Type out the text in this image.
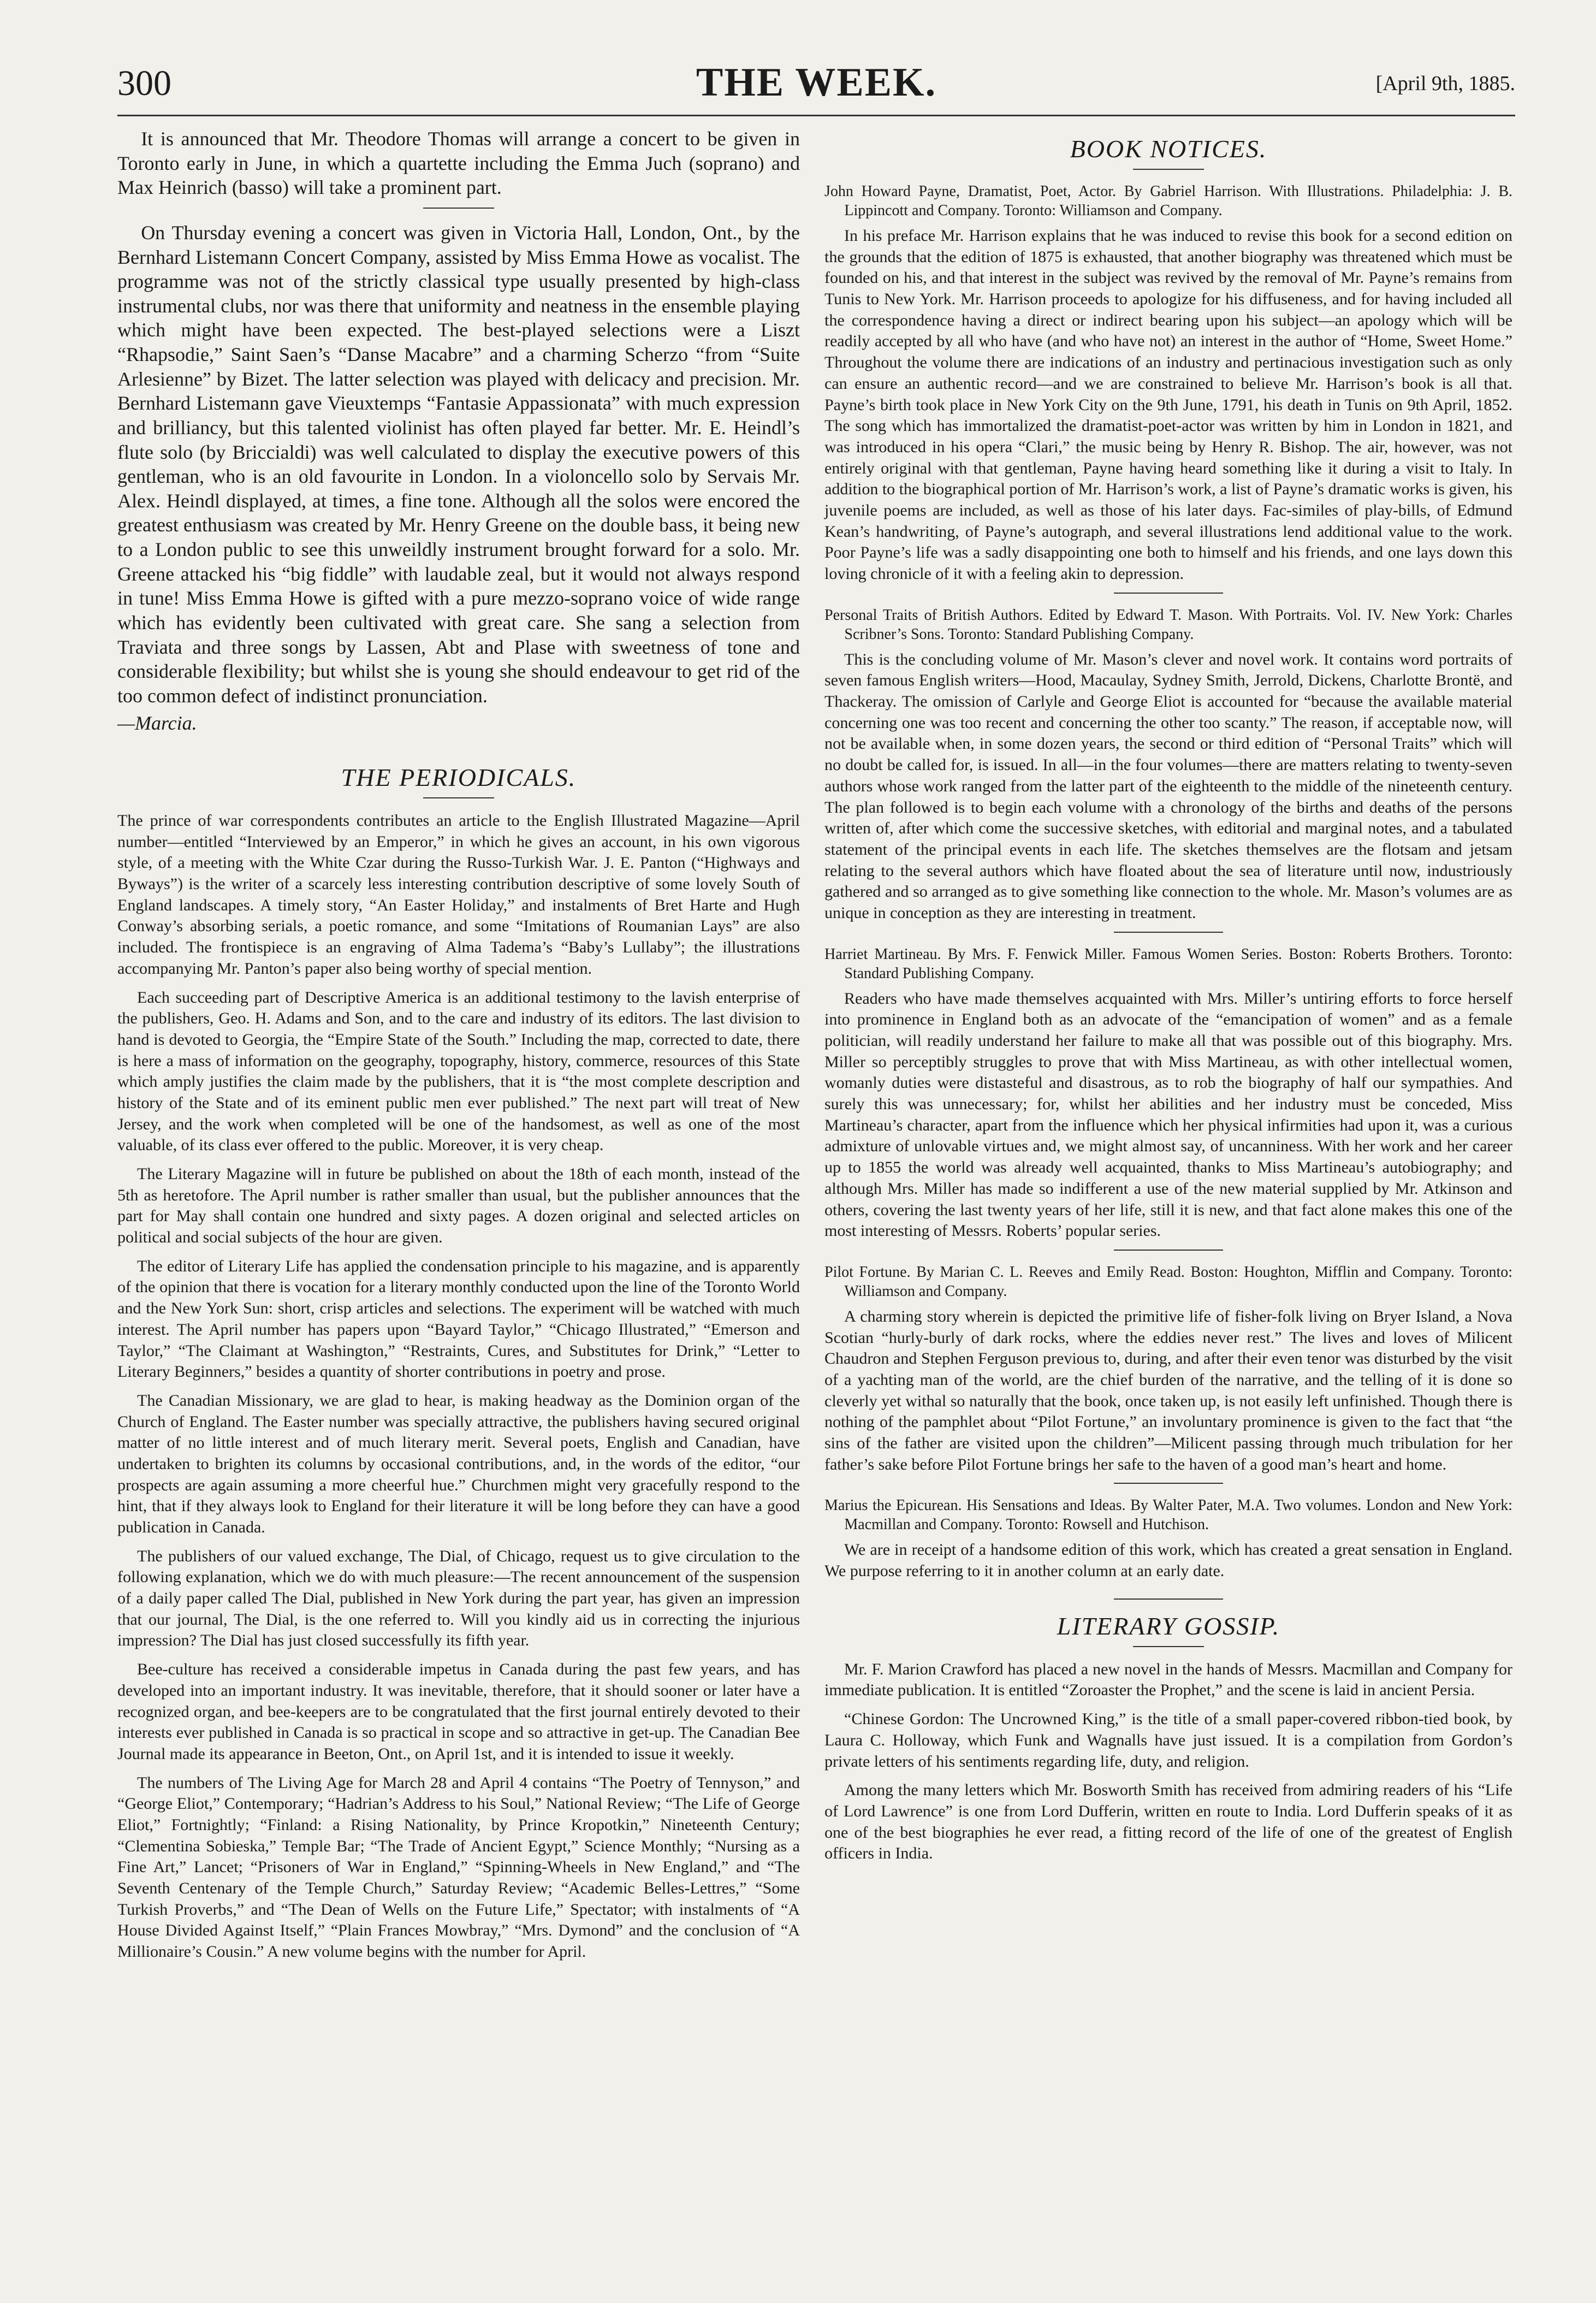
300	THE WEEK.	[April 9th, 1885.

It is announced that Mr. Theodore Thomas will arrange a concert to be given in Toronto early in June, in which a quartette including the Emma Juch (soprano) and Max Heinrich (basso) will take a prominent part.

On Thursday evening a concert was given in Victoria Hall, London, Ont., by the Bernhard Listemann Concert Company, assisted by Miss Emma Howe as vocalist. The programme was not of the strictly classical type usually presented by high-class instrumental clubs, nor was there that uniformity and neatness in the ensemble playing which might have been expected. The best-played selections were a Liszt “Rhapsodie,” Saint Saen’s “Danse Macabre” and a charming Scherzo “from “Suite Arlesienne” by Bizet. The latter selection was played with delicacy and precision. Mr. Bernhard Listemann gave Vieuxtemps “Fantasie Appassionata” with much expression and brilliancy, but this talented violinist has often played far better. Mr. E. Heindl’s flute solo (by Briccialdi) was well calculated to display the executive powers of this gentleman, who is an old favourite in London. In a violoncello solo by Servais Mr. Alex. Heindl displayed, at times, a fine tone. Although all the solos were encored the greatest enthusiasm was created by Mr. Henry Greene on the double bass, it being new to a London public to see this unweildly instrument brought forward for a solo. Mr. Greene attacked his “big fiddle” with laudable zeal, but it would not always respond in tune! Miss Emma Howe is gifted with a pure mezzo-soprano voice of wide range which has evidently been cultivated with great care. She sang a selection from Traviata and three songs by Lassen, Abt and Plase with sweetness of tone and considerable flexibility; but whilst she is young she should endeavour to get rid of the too common defect of indistinct pronunciation.

—Marcia.

THE PERIODICALS.

The prince of war correspondents contributes an article to the English Illustrated Magazine—April number—entitled “Interviewed by an Emperor,” in which he gives an account, in his own vigorous style, of a meeting with the White Czar during the Russo-Turkish War. J. E. Panton (“Highways and Byways”) is the writer of a scarcely less interesting contribution descriptive of some lovely South of England landscapes. A timely story, “An Easter Holiday,” and instalments of Bret Harte and Hugh Conway’s absorbing serials, a poetic romance, and some “Imitations of Roumanian Lays” are also included. The frontispiece is an engraving of Alma Tadema’s “Baby’s Lullaby”; the illustrations accompanying Mr. Panton’s paper also being worthy of special mention.

Each succeeding part of Descriptive America is an additional testimony to the lavish enterprise of the publishers, Geo. H. Adams and Son, and to the care and industry of its editors. The last division to hand is devoted to Georgia, the “Empire State of the South.” Including the map, corrected to date, there is here a mass of information on the geography, topography, history, commerce, resources of this State which amply justifies the claim made by the publishers, that it is “the most complete description and history of the State and of its eminent public men ever published.” The next part will treat of New Jersey, and the work when completed will be one of the handsomest, as well as one of the most valuable, of its class ever offered to the public. Moreover, it is very cheap.

The Literary Magazine will in future be published on about the 18th of each month, instead of the 5th as heretofore. The April number is rather smaller than usual, but the publisher announces that the part for May shall contain one hundred and sixty pages. A dozen original and selected articles on political and social subjects of the hour are given.

The editor of Literary Life has applied the condensation principle to his magazine, and is apparently of the opinion that there is vocation for a literary monthly conducted upon the line of the Toronto World and the New York Sun: short, crisp articles and selections. The experiment will be watched with much interest. The April number has papers upon “Bayard Taylor,” “Chicago Illustrated,” “Emerson and Taylor,” “The Claimant at Washington,” “Restraints, Cures, and Substitutes for Drink,” “Letter to Literary Beginners,” besides a quantity of shorter contributions in poetry and prose.

The Canadian Missionary, we are glad to hear, is making headway as the Dominion organ of the Church of England. The Easter number was specially attractive, the publishers having secured original matter of no little interest and of much literary merit. Several poets, English and Canadian, have undertaken to brighten its columns by occasional contributions, and, in the words of the editor, “our prospects are again assuming a more cheerful hue.” Churchmen might very gracefully respond to the hint, that if they always look to England for their literature it will be long before they can have a good publication in Canada.

The publishers of our valued exchange, The Dial, of Chicago, request us to give circulation to the following explanation, which we do with much pleasure:—The recent announcement of the suspension of a daily paper called The Dial, published in New York during the part year, has given an impression that our journal, The Dial, is the one referred to. Will you kindly aid us in correcting the injurious impression? The Dial has just closed successfully its fifth year.

Bee-culture has received a considerable impetus in Canada during the past few years, and has developed into an important industry. It was inevitable, therefore, that it should sooner or later have a recognized organ, and bee-keepers are to be congratulated that the first journal entirely devoted to their interests ever published in Canada is so practical in scope and so attractive in get-up. The Canadian Bee Journal made its appearance in Beeton, Ont., on April 1st, and it is intended to issue it weekly.

The numbers of The Living Age for March 28 and April 4 contains “The Poetry of Tennyson,” and “George Eliot,” Contemporary; “Hadrian’s Address to his Soul,” National Review; “The Life of George Eliot,” Fortnightly; “Finland: a Rising Nationality, by Prince Kropotkin,” Nineteenth Century; “Clementina Sobieska,” Temple Bar; “The Trade of Ancient Egypt,” Science Monthly; “Nursing as a Fine Art,” Lancet; “Prisoners of War in England,” “Spinning-Wheels in New England,” and “The Seventh Centenary of the Temple Church,” Saturday Review; “Academic Belles-Lettres,” “Some Turkish Proverbs,” and “The Dean of Wells on the Future Life,” Spectator; with instalments of “A House Divided Against Itself,” “Plain Frances Mowbray,” “Mrs. Dymond” and the conclusion of “A Millionaire’s Cousin.” A new volume begins with the number for April.

BOOK NOTICES.
John Howard Payne, Dramatist, Poet, Actor. By Gabriel Harrison. With Illustrations. Philadelphia: J. B. Lippincott and Company. Toronto: Williamson and Company.

In his preface Mr. Harrison explains that he was induced to revise this book for a second edition on the grounds that the edition of 1875 is exhausted, that another biography was threatened which must be founded on his, and that interest in the subject was revived by the removal of Mr. Payne’s remains from Tunis to New York. Mr. Harrison proceeds to apologize for his diffuseness, and for having included all the correspondence having a direct or indirect bearing upon his subject—an apology which will be readily accepted by all who have (and who have not) an interest in the author of “Home, Sweet Home.” Throughout the volume there are indications of an industry and pertinacious investigation such as only can ensure an authentic record—and we are constrained to believe Mr. Harrison’s book is all that. Payne’s birth took place in New York City on the 9th June, 1791, his death in Tunis on 9th April, 1852. The song which has immortalized the dramatist-poet-actor was written by him in London in 1821, and was introduced in his opera “Clari,” the music being by Henry R. Bishop. The air, however, was not entirely original with that gentleman, Payne having heard something like it during a visit to Italy. In addition to the biographical portion of Mr. Harrison’s work, a list of Payne’s dramatic works is given, his juvenile poems are included, as well as those of his later days. Fac-similes of play-bills, of Edmund Kean’s handwriting, of Payne’s autograph, and several illustrations lend additional value to the work. Poor Payne’s life was a sadly disappointing one both to himself and his friends, and one lays down this loving chronicle of it with a feeling akin to depression.

Personal Traits of British Authors. Edited by Edward T. Mason. With Portraits. Vol. IV. New York: Charles Scribner’s Sons. Toronto: Standard Publishing Company.

This is the concluding volume of Mr. Mason’s clever and novel work. It contains word portraits of seven famous English writers—Hood, Macaulay, Sydney Smith, Jerrold, Dickens, Charlotte Brontë, and Thackeray. The omission of Carlyle and George Eliot is accounted for “because the available material concerning one was too recent and concerning the other too scanty.” The reason, if acceptable now, will not be available when, in some dozen years, the second or third edition of “Personal Traits” which will no doubt be called for, is issued. In all—in the four volumes—there are matters relating to twenty-seven authors whose work ranged from the latter part of the eighteenth to the middle of the nineteenth century. The plan followed is to begin each volume with a chronology of the births and deaths of the persons written of, after which come the successive sketches, with editorial and marginal notes, and a tabulated statement of the principal events in each life. The sketches themselves are the flotsam and jetsam relating to the several authors which have floated about the sea of literature until now, industriously gathered and so arranged as to give something like connection to the whole. Mr. Mason’s volumes are as unique in conception as they are interesting in treatment.

Harriet Martineau. By Mrs. F. Fenwick Miller. Famous Women Series. Boston: Roberts Brothers. Toronto: Standard Publishing Company.

Readers who have made themselves acquainted with Mrs. Miller’s untiring efforts to force herself into prominence in England both as an advocate of the “emancipation of women” and as a female politician, will readily understand her failure to make all that was possible out of this biography. Mrs. Miller so perceptibly struggles to prove that with Miss Martineau, as with other intellectual women, womanly duties were distasteful and disastrous, as to rob the biography of half our sympathies. And surely this was unnecessary; for, whilst her abilities and her industry must be conceded, Miss Martineau’s character, apart from the influence which her physical infirmities had upon it, was a curious admixture of unlovable virtues and, we might almost say, of uncanniness. With her work and her career up to 1855 the world was already well acquainted, thanks to Miss Martineau’s autobiography; and although Mrs. Miller has made so indifferent a use of the new material supplied by Mr. Atkinson and others, covering the last twenty years of her life, still it is new, and that fact alone makes this one of the most interesting of Messrs. Roberts’ popular series.

Pilot Fortune. By Marian C. L. Reeves and Emily Read. Boston: Houghton, Mifflin and Company. Toronto: Williamson and Company.

A charming story wherein is depicted the primitive life of fisher-folk living on Bryer Island, a Nova Scotian “hurly-burly of dark rocks, where the eddies never rest.” The lives and loves of Milicent Chaudron and Stephen Ferguson previous to, during, and after their even tenor was disturbed by the visit of a yachting man of the world, are the chief burden of the narrative, and the telling of it is done so cleverly yet withal so naturally that the book, once taken up, is not easily left unfinished. Though there is nothing of the pamphlet about “Pilot Fortune,” an involuntary prominence is given to the fact that “the sins of the father are visited upon the children”—Milicent passing through much tribulation for her father’s sake before Pilot Fortune brings her safe to the haven of a good man’s heart and home.

Marius the Epicurean. His Sensations and Ideas. By Walter Pater, M.A. Two volumes. London and New York: Macmillan and Company. Toronto: Rowsell and Hutchison.

We are in receipt of a handsome edition of this work, which has created a great sensation in England. We purpose referring to it in another column at an early date.

LITERARY GOSSIP.

Mr. F. Marion Crawford has placed a new novel in the hands of Messrs. Macmillan and Company for immediate publication. It is entitled “Zoroaster the Prophet,” and the scene is laid in ancient Persia.

“Chinese Gordon: The Uncrowned King,” is the title of a small paper-covered ribbon-tied book, by Laura C. Holloway, which Funk and Wagnalls have just issued. It is a compilation from Gordon’s private letters of his sentiments regarding life, duty, and religion.

Among the many letters which Mr. Bosworth Smith has received from admiring readers of his “Life of Lord Lawrence” is one from Lord Dufferin, written en route to India. Lord Dufferin speaks of it as one of the best biographies he ever read, a fitting record of the life of one of the greatest of English officers in India.
